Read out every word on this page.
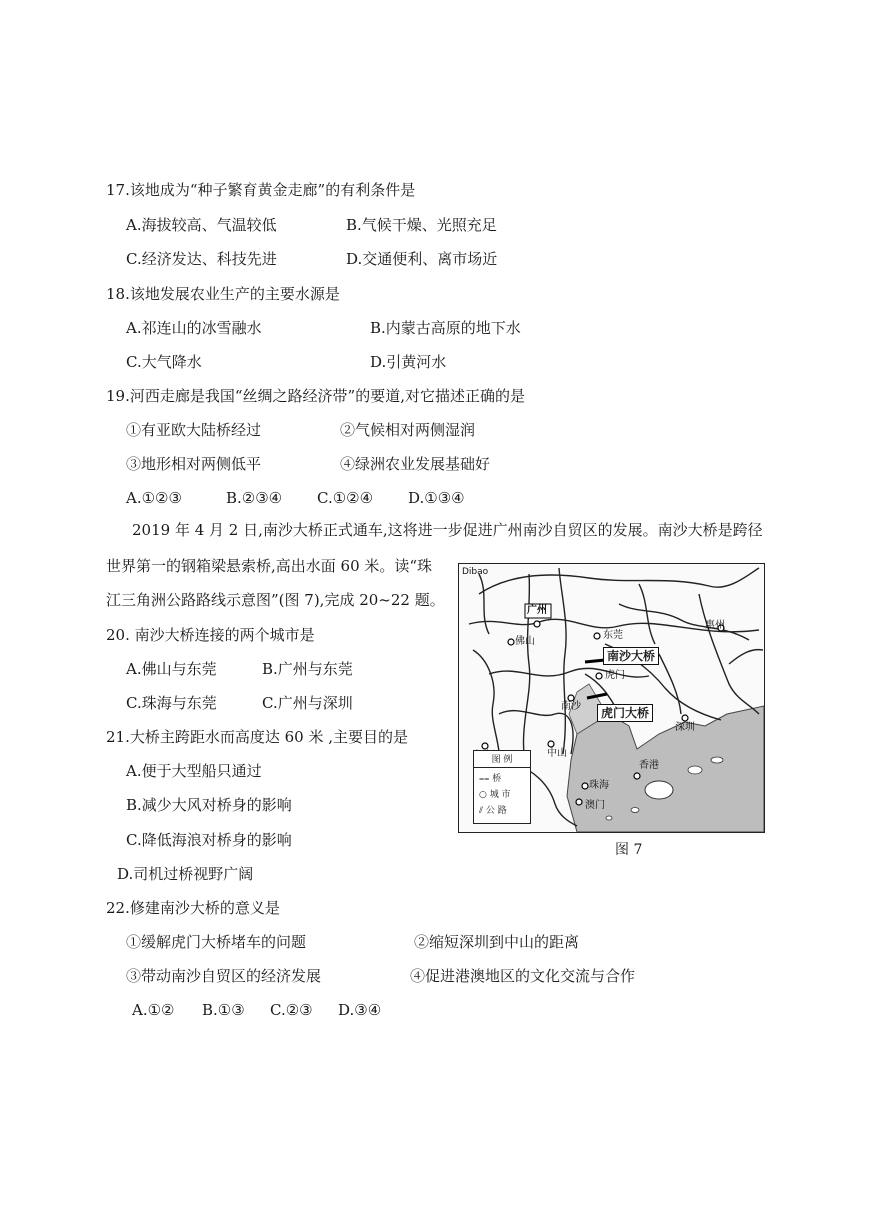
17.该地成为“种子繁育黄金走廊”的有利条件是
A.海拔较高、气温较低	B.气候干燥、光照充足
C.经济发达、科技先进	D.交通便利、离市场近
18.该地发展农业生产的主要水源是
A.祁连山的冰雪融水	B.内蒙古高原的地下水
C.大气降水	D.引黄河水
19.河西走廊是我国“丝绸之路经济带”的要道,对它描述正确的是
①有亚欧大陆桥经过	②气候相对两侧湿润
③地形相对两侧低平	④绿洲农业发展基础好
A.①②③	B.②③④ C.①②④ D.①③④
2019 年 4 月 2 日,南沙大桥正式通车,这将进一步促进广州南沙自贸区的发展。南沙大桥是跨径
世界第一的钢箱梁悬索桥,高出水面 60 米。读“珠
江三角洲公路路线示意图”(图 7),完成 20~22 题。
20. 南沙大桥连接的两个城市是
A.佛山与东莞	B.广州与东莞
C.珠海与东莞	C.广州与深圳
21.大桥主跨距水而高度达 60 米 ,主要目的是
A.便于大型船只通过
B.减少大风对桥身的影响
C.降低海浪对桥身的影响
D.司机过桥视野广阔
22.修建南沙大桥的意义是
①缓解虎门大桥堵车的问题	②缩短深圳到中山的距离
③带动南沙自贸区的经济发展	④促进港澳地区的文化交流与合作
A.①② B.①③ C.②③ D.③④
Dibao
广州
佛山
东莞
惠州
南沙大桥
虎门
南沙	虎门大桥
中山
深圳
香港
珠海
澳门
图 例
⩵ 桥
○ 城 市
⫽ 公 路
图 7
